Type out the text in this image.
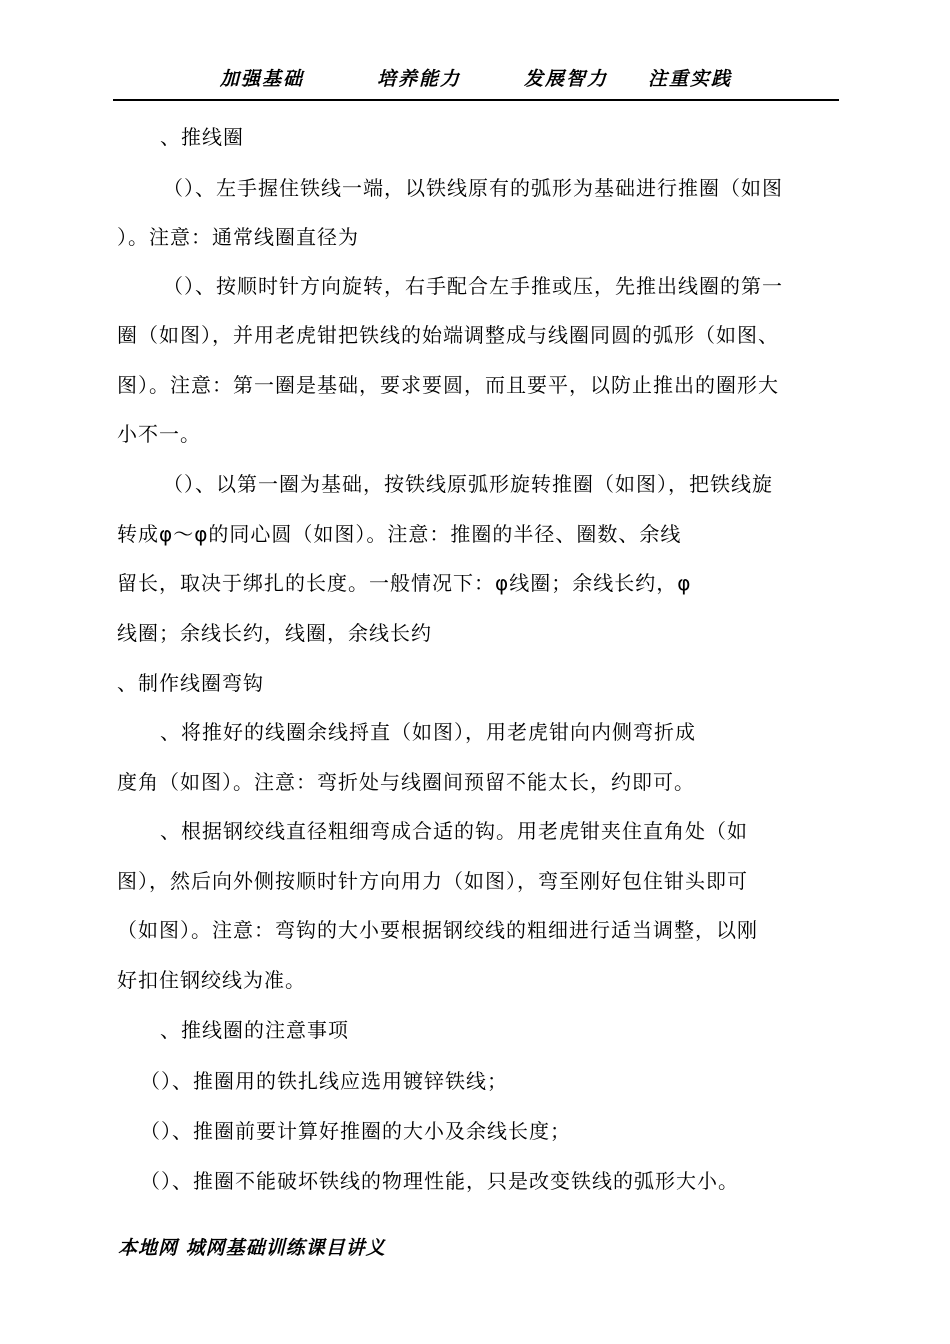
加强基础	培养能力	发展智力 注重实践
、推线圈
（）、左手握住铁线一端，以铁线原有的弧形为基础进行推圈（如图
）。注意：通常线圈直径为
（）、按顺时针方向旋转，右手配合左手推或压，先推出线圈的第一
圈（如图），并用老虎钳把铁线的始端调整成与线圈同圆的弧形（如图、
图）。注意：第一圈是基础，要求要圆，而且要平，以防止推出的圈形大
小不一。
（）、以第一圈为基础，按铁线原弧形旋转推圈（如图），把铁线旋
转成φ～φ的同心圆（如图）。注意：推圈的半径、圈数、余线
留长，取决于绑扎的长度。一般情况下：φ线圈；余线长约，φ
线圈；余线长约，线圈，余线长约
、制作线圈弯钩
、将推好的线圈余线捋直（如图），用老虎钳向内侧弯折成
度角（如图）。注意：弯折处与线圈间预留不能太长，约即可。
、根据钢绞线直径粗细弯成合适的钩。用老虎钳夹住直角处（如
图），然后向外侧按顺时针方向用力（如图），弯至刚好包住钳头即可
（如图）。注意：弯钩的大小要根据钢绞线的粗细进行适当调整，以刚
好扣住钢绞线为准。
、推线圈的注意事项
（）、推圈用的铁扎线应选用镀锌铁线；
（）、推圈前要计算好推圈的大小及余线长度；
（）、推圈不能破坏铁线的物理性能，只是改变铁线的弧形大小。
本地网 城网基础训练课目讲义
